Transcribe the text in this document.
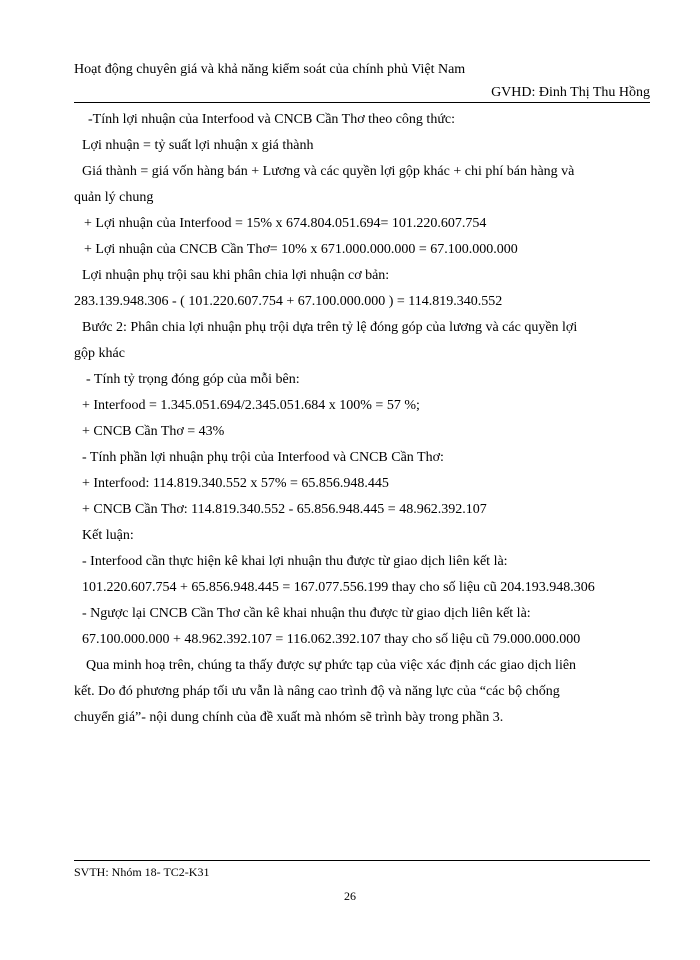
Hoạt động chuyên giá và khả năng kiểm soát của chính phủ Việt Nam
GVHD: Đinh Thị Thu Hồng
-Tính lợi nhuận của Interfood và CNCB Cần Thơ theo công thức:
Lợi nhuận = tỷ suất lợi nhuận x giá thành
Giá thành = giá vốn hàng bán + Lương và các quyền lợi gộp khác + chi phí bán hàng và
quản lý chung
+ Lợi nhuận của Interfood = 15% x 674.804.051.694= 101.220.607.754
+ Lợi nhuận của CNCB Cần Thơ= 10% x 671.000.000.000 = 67.100.000.000
Lợi nhuận phụ trội sau khi phân chia lợi nhuận cơ bản:
283.139.948.306 - ( 101.220.607.754 + 67.100.000.000 ) = 114.819.340.552
Bước 2: Phân chia lợi nhuận phụ trội dựa trên tỷ lệ đóng góp của lương và các quyền lợi
gộp khác
- Tính tỷ trọng đóng góp của mỗi bên:
+ Interfood = 1.345.051.694/2.345.051.684 x 100% = 57 %;
+ CNCB Cần Thơ = 43%
- Tính phần lợi nhuận phụ trội của Interfood và CNCB Cần Thơ:
+ Interfood: 114.819.340.552 x 57% = 65.856.948.445
+ CNCB Cần Thơ: 114.819.340.552 - 65.856.948.445 = 48.962.392.107
Kết luận:
- Interfood cần thực hiện kê khai lợi nhuận thu được từ giao dịch liên kết là:
101.220.607.754 + 65.856.948.445 = 167.077.556.199 thay cho số liệu cũ 204.193.948.306
- Ngược lại CNCB Cần Thơ cần kê khai nhuận thu được từ giao dịch liên kết là:
67.100.000.000 + 48.962.392.107 = 116.062.392.107 thay cho số liệu cũ 79.000.000.000
Qua minh hoạ trên, chúng ta thấy được sự phức tạp của việc xác định các giao dịch liên
kết. Do đó phương pháp tối ưu vẫn là nâng cao trình độ và năng lực của “các bộ chống
chuyển giá”- nội dung chính của đề xuất mà nhóm sẽ trình bày trong phần 3.
SVTH: Nhóm 18- TC2-K31
26
